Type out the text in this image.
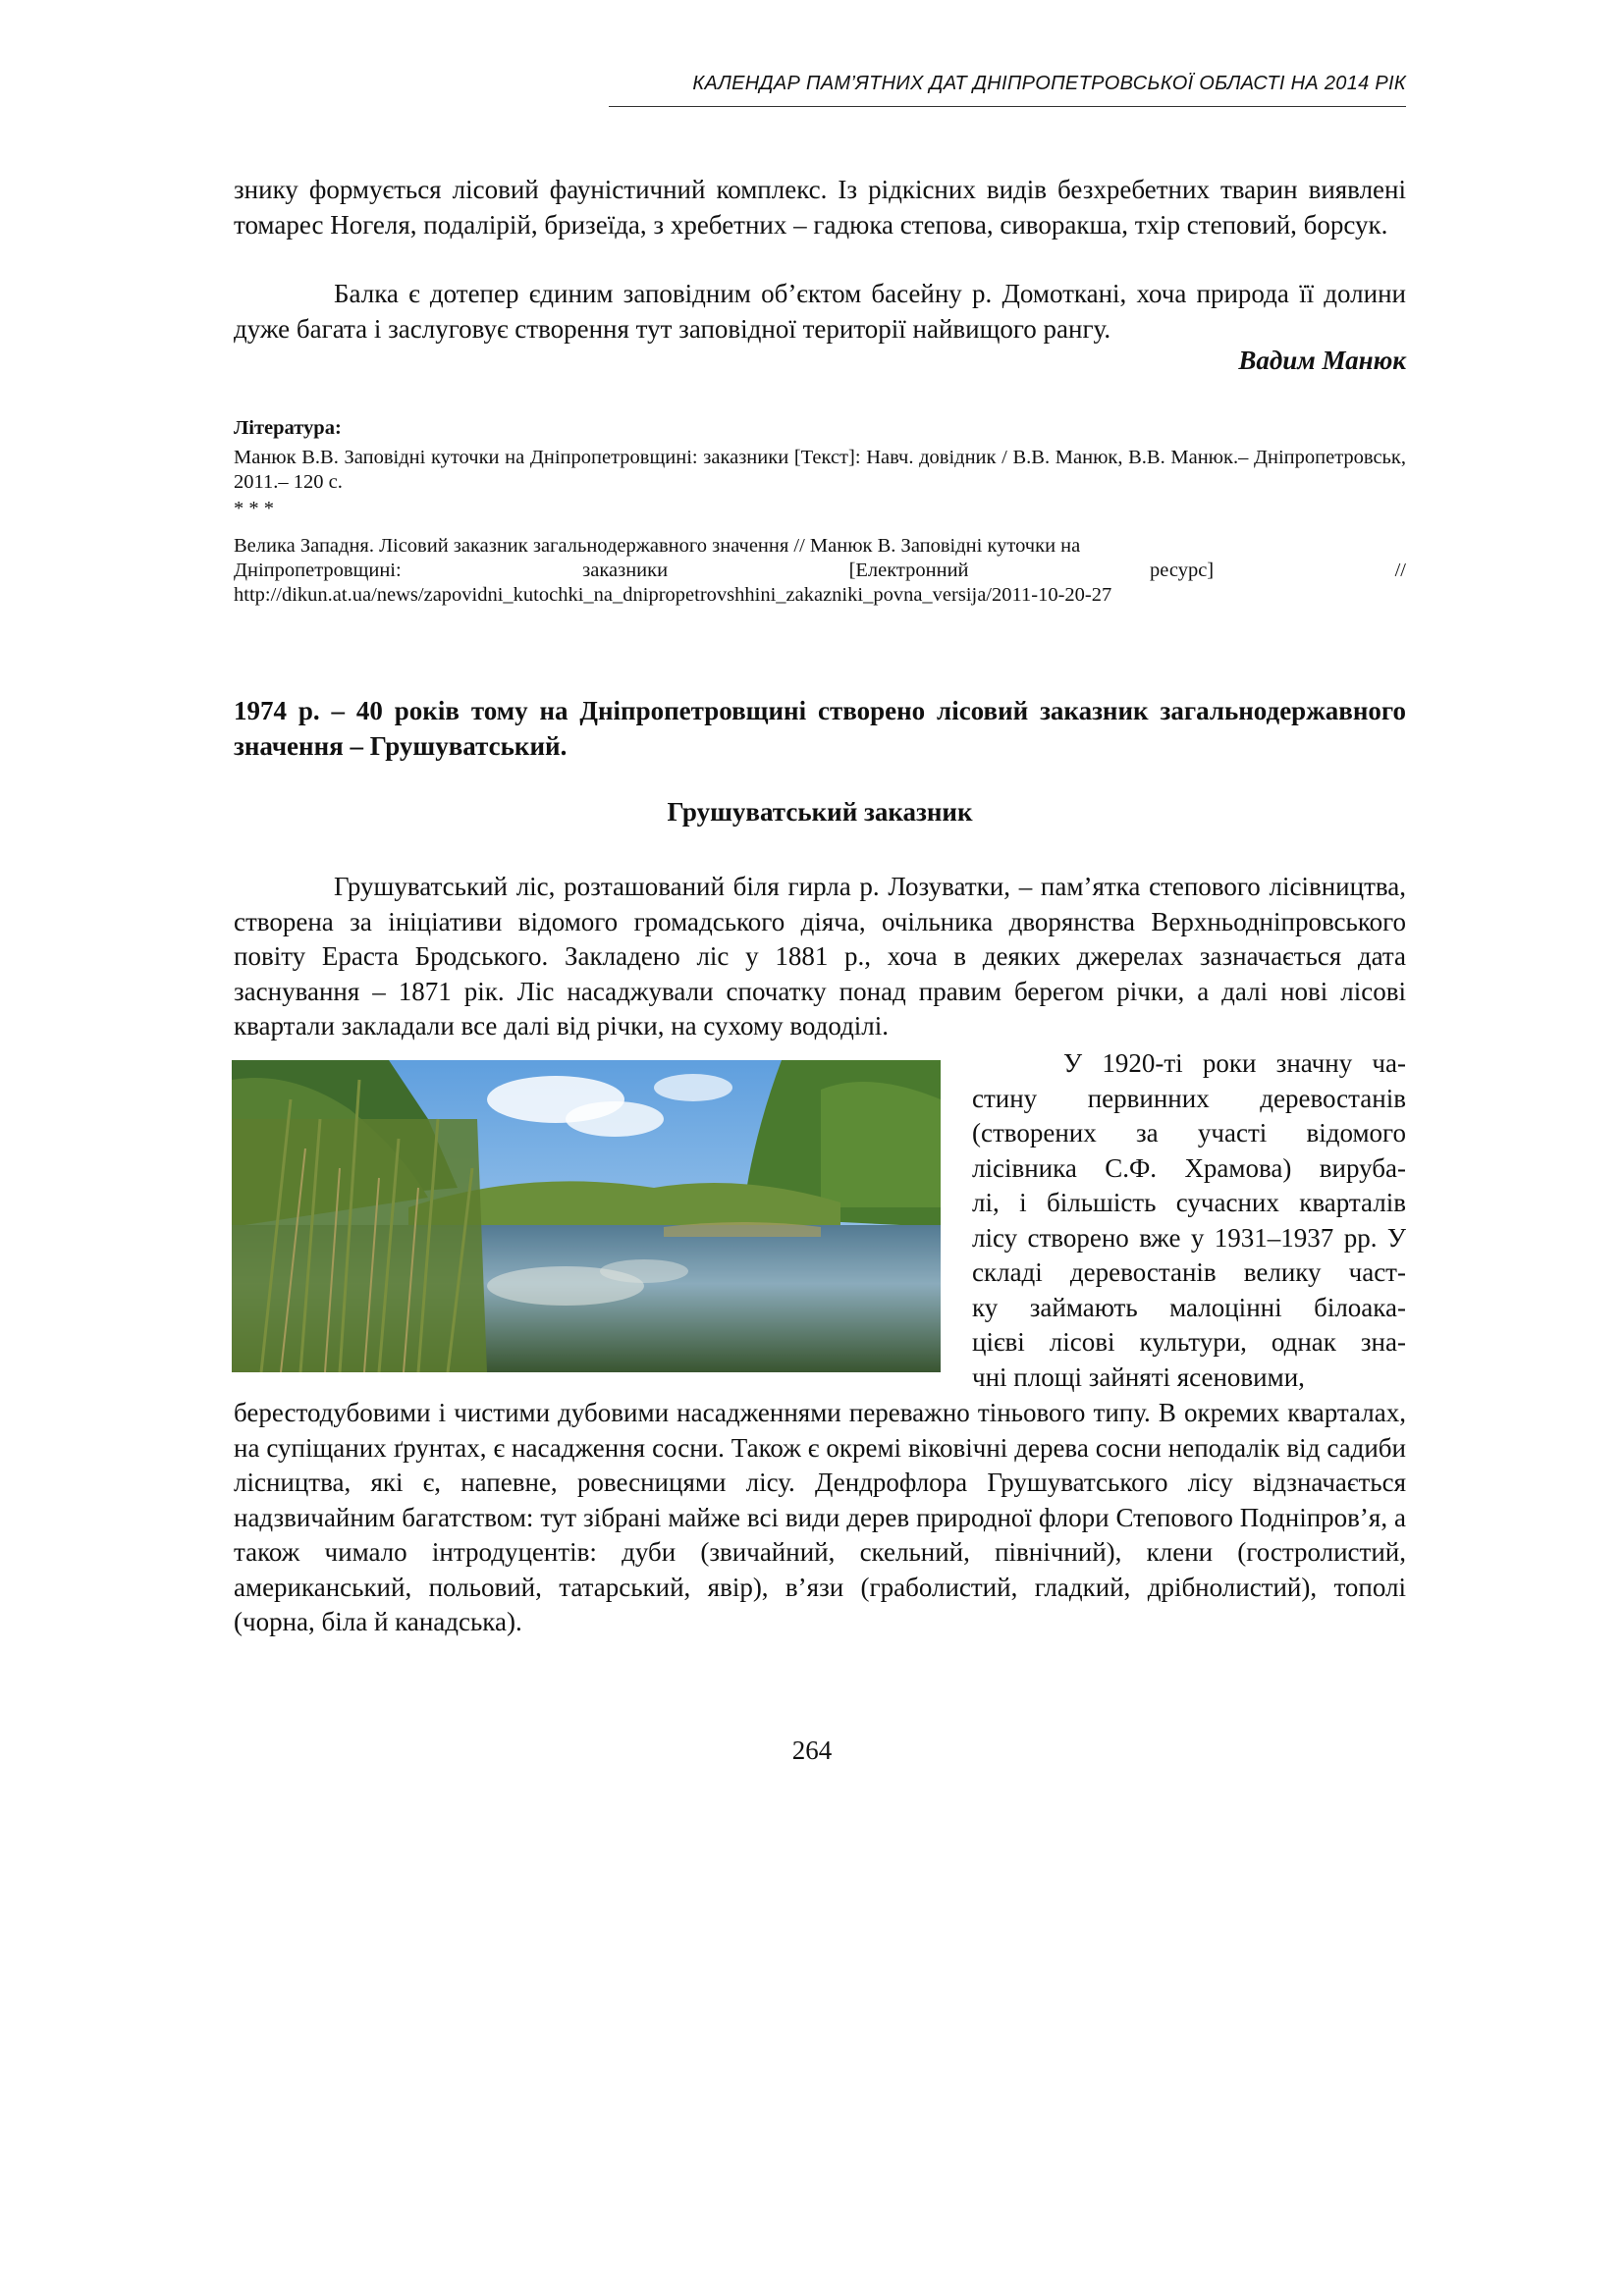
КАЛЕНДАР ПАМ’ЯТНИХ ДАТ ДНІПРОПЕТРОВСЬКОЇ ОБЛАСТІ НА 2014 РІК

знику формується лісовий фауністичний комплекс. Із рідкісних видів безхребетних тварин виявлені томарес Ногеля, подалірій, бризеїда, з хребетних – гадюка степова, сиворакша, тхір степовий, борсук.

Балка є дотепер єдиним заповідним об’єктом басейну р. Домоткані, хоча природа її долини дуже багата і заслуговує створення тут заповідної території найвищого рангу.

Вадим Манюк

Література:

Манюк В.В. Заповідні куточки на Дніпропетровщині: заказники [Текст]: Навч. довідник / В.В. Манюк, В.В. Манюк.– Дніпропетровськ, 2011.– 120 с.

* * *

Велика Западня. Лісовий заказник загальнодержавного значення // Манюк В. Заповідні куточки на
Дніпропетровщині:	заказники	[Електронний	ресурс]	//
http://dikun.at.ua/news/zapovidni_kutochki_na_dnipropetrovshhini_zakazniki_povna_versija/2011-10-20-27

1974 р. – 40 років тому на Дніпропетровщині створено лісовий заказник загальнодержавного значення – Грушуватський.

Грушуватський заказник

Грушуватський ліс, розташований біля гирла р. Лозуватки, – пам’ятка степового лісівництва, створена за ініціативи відомого громадського діяча, очільника дворянства Верхньодніпровського повіту Ераста Бродського. Закладено ліс у 1881 р., хоча в деяких джерелах зазначається дата заснування – 1871 рік. Ліс насаджували спочатку понад правим берегом річки, а далі нові лісові квартали закладали все далі від річки, на сухому вододілі.

У 1920-ті роки значну ча-
стину первинних деревостанів
(створених за участі відомого
лісівника С.Ф. Храмова) вируба-
лі, і більшість сучасних кварталів
лісу створено вже у 1931–1937 рр. У
складі деревостанів велику част-
ку займають малоцінні білоака-
цієві лісові культури, однак зна-
чні площі зайняті ясеновими,

берестодубовими і чистими дубовими насадженнями переважно тіньового типу. В окремих кварталах, на супіщаних ґрунтах, є насадження сосни. Також є окремі віковічні дерева сосни неподалік від садиби лісництва, які є, напевне, ровесницями лісу. Дендрофлора Грушуватського лісу відзначається надзвичайним багатством: тут зібрані майже всі види дерев природної флори Степового Подніпров’я, а також чимало інтродуцентів: дуби (звичайний, скельний, північний), клени (гостролистий, американський, польовий, татарський, явір), в’язи (граболистий, гладкий, дрібнолистий), тополі (чорна, біла й канадська).

264
